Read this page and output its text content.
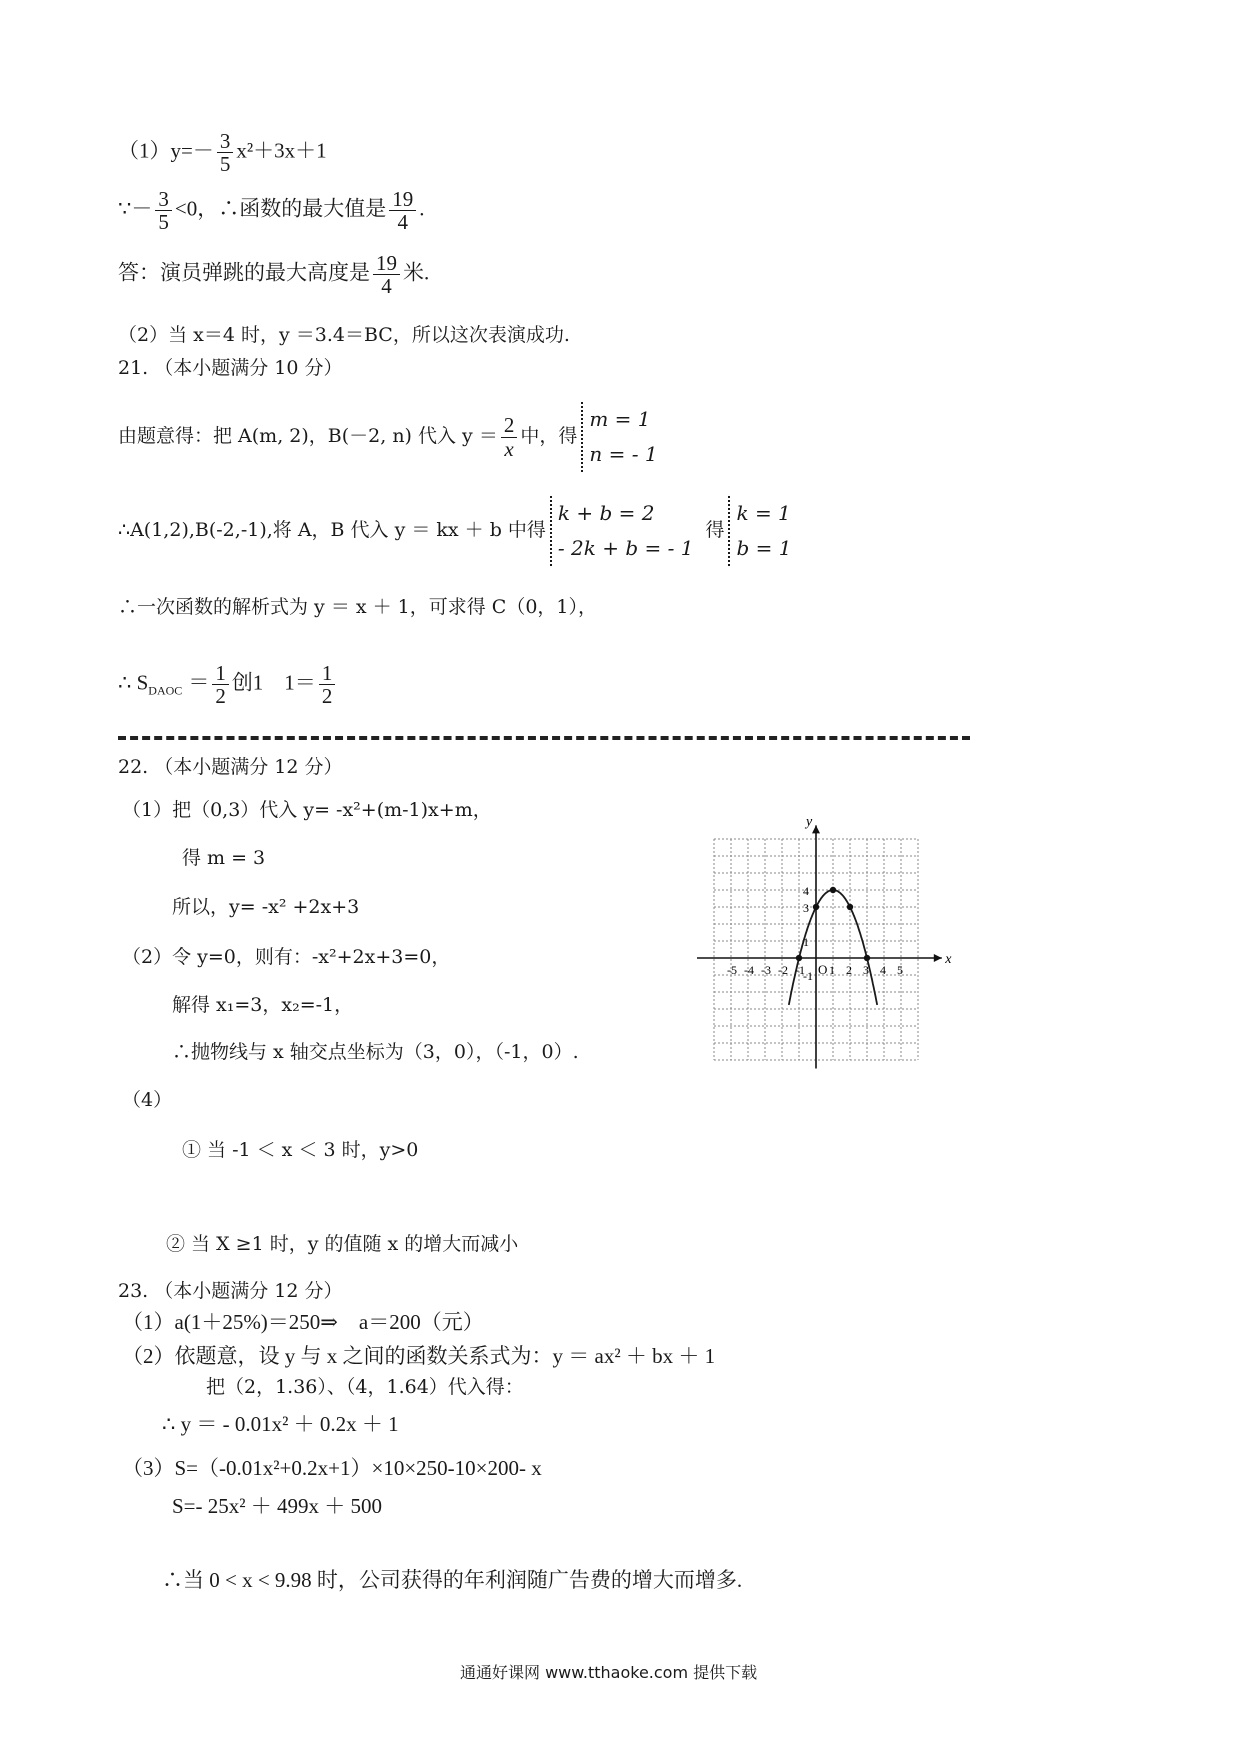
$(1)y=- \frac{3}{5} x^2+3x+1$
∵－ $\frac{3}{5} <0$，∴函数的最大值是 $\frac{19}{4}$ .
答：演员弹跳的最大高度是 $\frac{19}{4}$ 米.
（2）当 x＝4 时，y ＝3.4＝BC，所以这次表演成功.
21. （本小题满分 10 分）
由题意得：把 A(m, 2)，B(－2, n) 代入 $y = \frac{2}{x}$ 中，得
m = 1
n = - 1
∴A(1,2),B(-2,-1),将 A，B 代入 y ＝ kx ＋ b 中得
k + b = 2
- 2k + b = - 1
得
k = 1
b = 1
∴一次函数的解析式为 y ＝ x ＋ 1，可求得 C（0，1），
∴ $S_{DAOC} = \frac{1}{2}$ 创1　$1= \frac{1}{2}$
22. （本小题满分 12 分）
（1）把（0,3）代入 y= -x²+(m-1)x+m，
得 m = 3
所以，y= -x² +2x+3
（2）令 y=0，则有：-x²+2x+3=0，
解得 x₁=3，x₂=-1，
∴抛物线与 x 轴交点坐标为（3，0），（-1，0）.
（4）
① 当 -1 ＜ x ＜ 3 时，y>0
② 当 X ≥1 时，y 的值随 x 的增大而减小
x
y
O
-5 -4 -3 -2 -1 1 2 3 4 5
4
3
1
-1
23. （本小题满分 12 分）
（1）a(1＋25%)＝250⇒　a＝200（元）
（2）依题意，设 y 与 x 之间的函数关系式为：y ＝ ax² ＋ bx ＋ 1
把（2，1.36）、（4，1.64）代入得：
∴ y ＝ - 0.01x² ＋ 0.2x ＋ 1
（3）S=（-0.01x²+0.2x+1）×10×250-10×200- x
S=- 25x² ＋ 499x ＋ 500
∴当 0 < x < 9.98 时，公司获得的年利润随广告费的增大而增多.
通通好课网 www.tthaoke.com 提供下载
